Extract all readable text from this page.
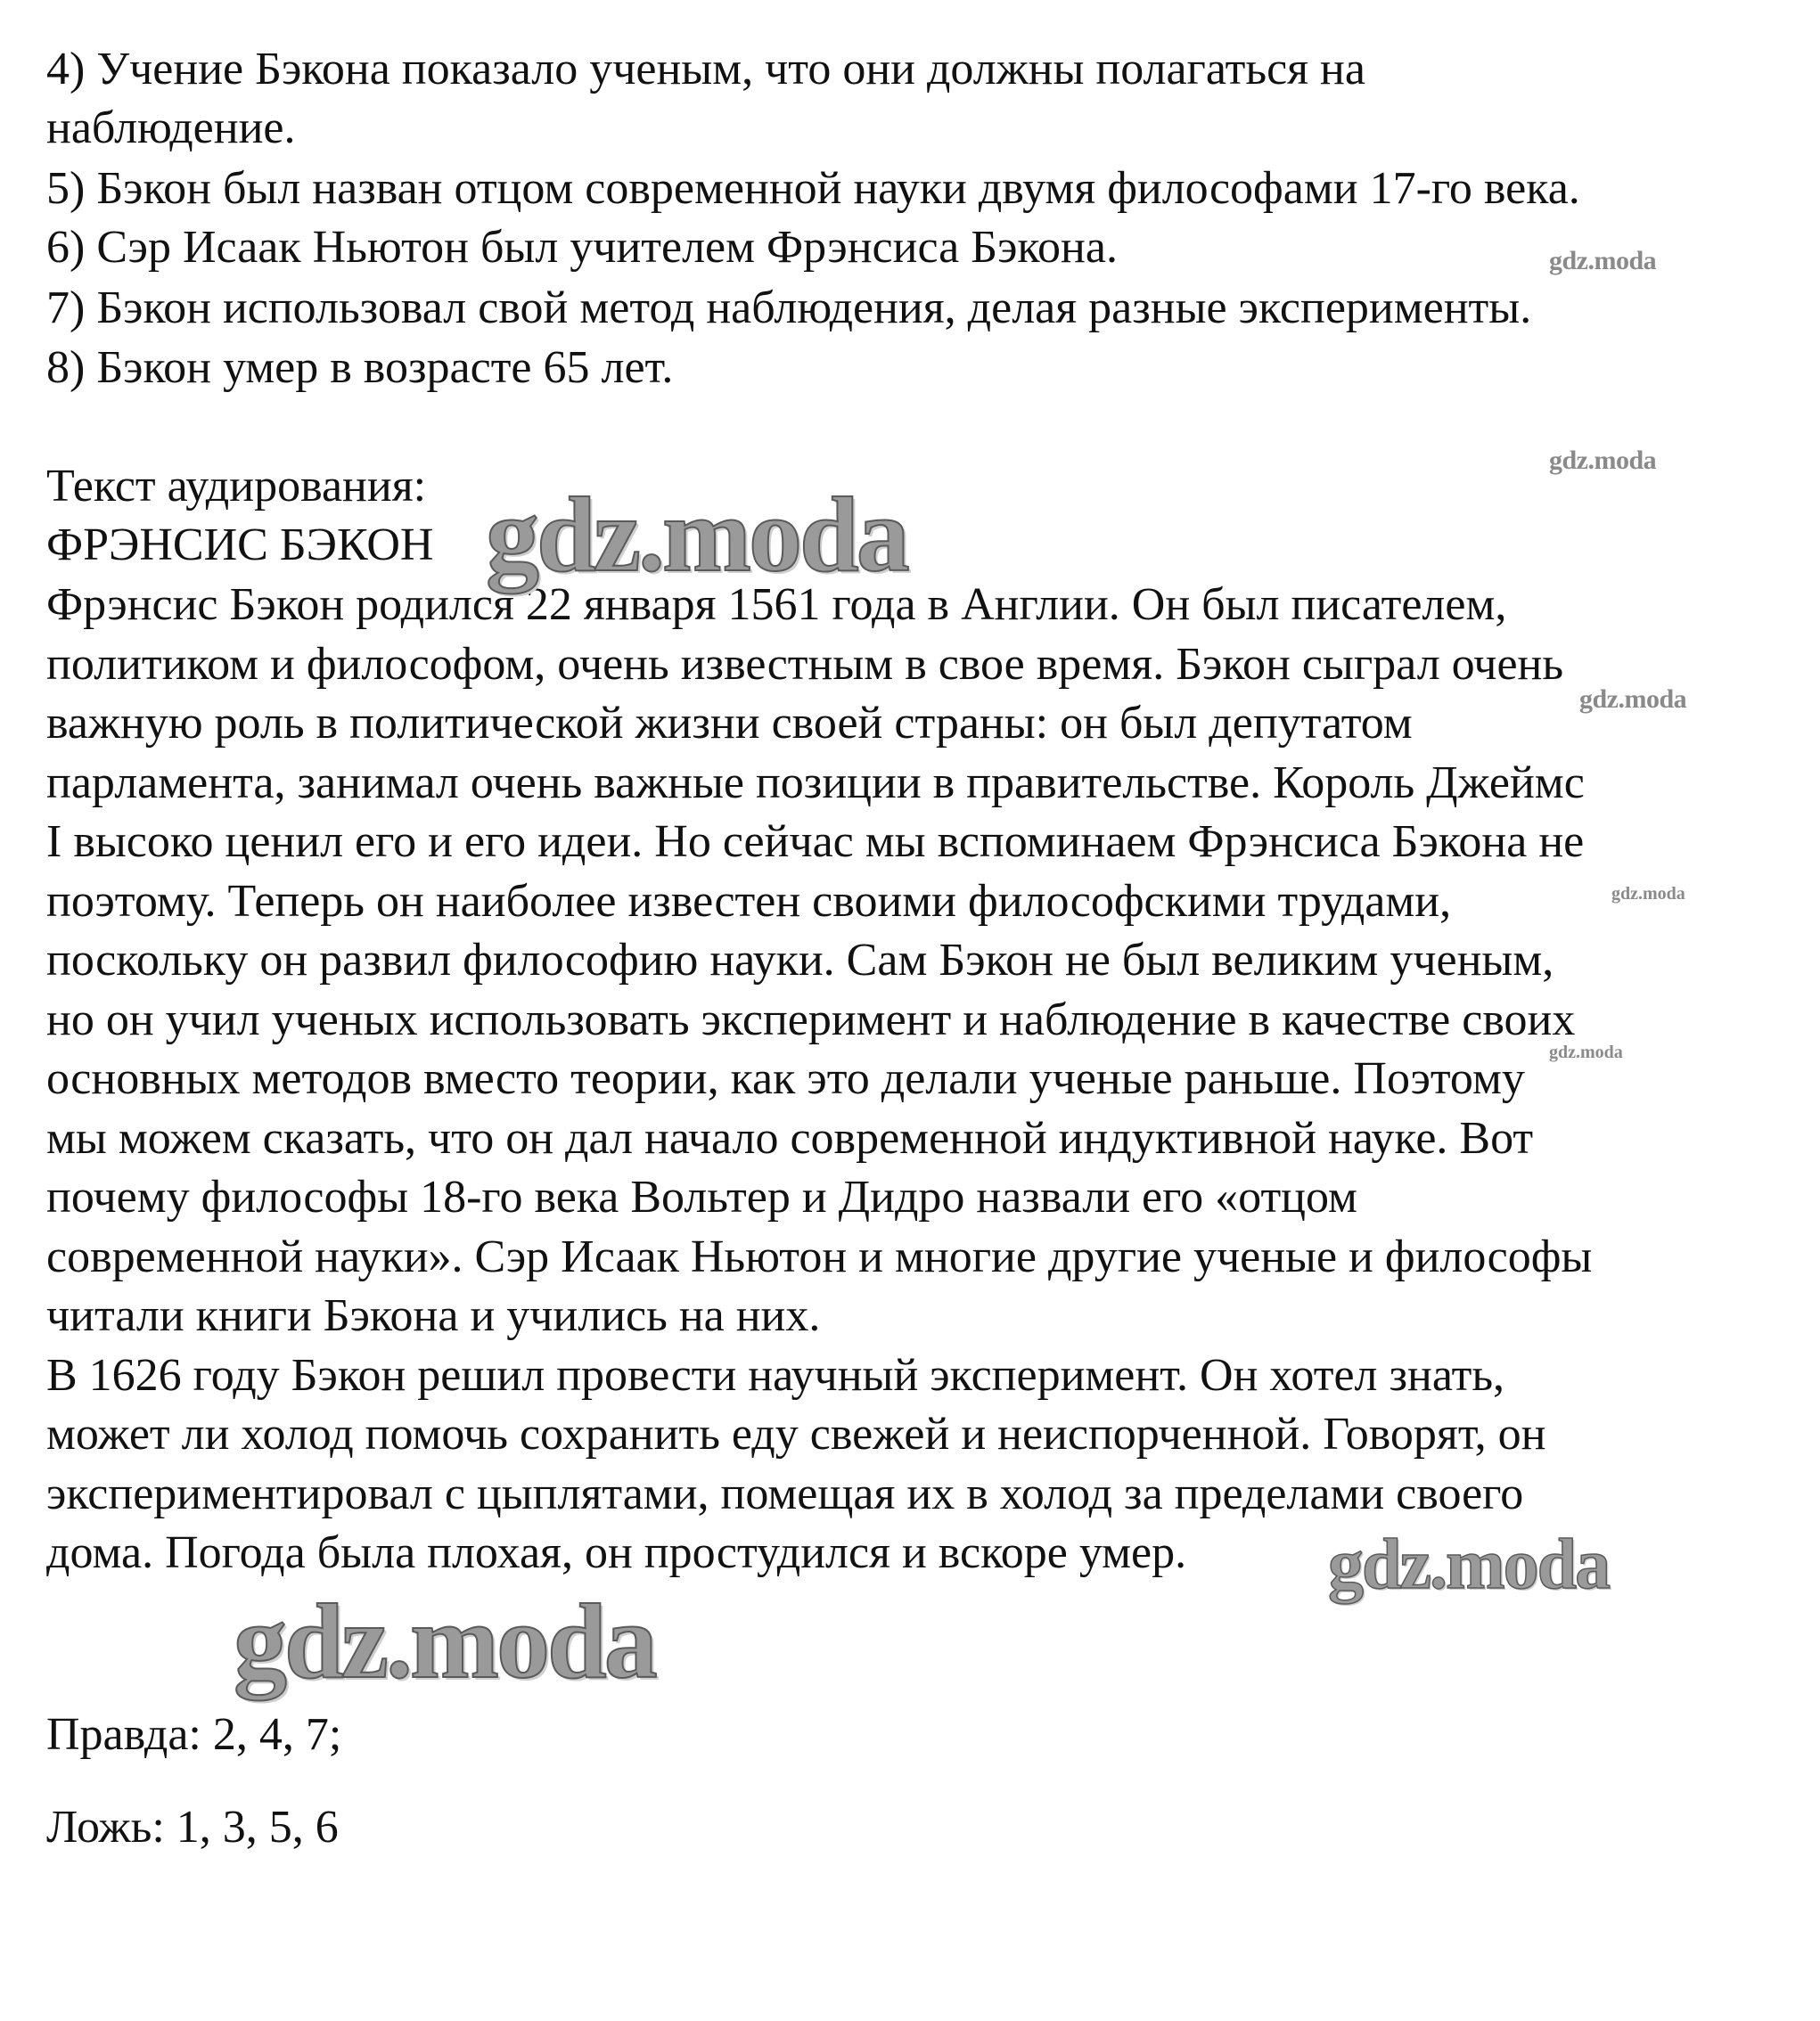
4) Учение Бэкона показало ученым, что они должны полагаться на
наблюдение.
5) Бэкон был назван отцом современной науки двумя философами 17-го века.
6) Сэр Исаак Ньютон был учителем Фрэнсиса Бэкона.
7) Бэкон использовал свой метод наблюдения, делая разные эксперименты.
8) Бэкон умер в возрасте 65 лет.
Текст аудирования:
ФРЭНСИС БЭКОН
Фрэнсис Бэкон родился 22 января 1561 года в Англии. Он был писателем,
политиком и философом, очень известным в свое время. Бэкон сыграл очень
важную роль в политической жизни своей страны: он был депутатом
парламента, занимал очень важные позиции в правительстве. Король Джеймс
I высоко ценил его и его идеи. Но сейчас мы вспоминаем Фрэнсиса Бэкона не
поэтому. Теперь он наиболее известен своими философскими трудами,
поскольку он развил философию науки. Сам Бэкон не был великим ученым,
но он учил ученых использовать эксперимент и наблюдение в качестве своих
основных методов вместо теории, как это делали ученые раньше. Поэтому
мы можем сказать, что он дал начало современной индуктивной науке. Вот
почему философы 18-го века Вольтер и Дидро назвали его «отцом
современной науки». Сэр Исаак Ньютон и многие другие ученые и философы
читали книги Бэкона и учились на них.
В 1626 году Бэкон решил провести научный эксперимент. Он хотел знать,
может ли холод помочь сохранить еду свежей и неиспорченной. Говорят, он
экспериментировал с цыплятами, помещая их в холод за пределами своего
дома. Погода была плохая, он простудился и вскоре умер.
Правда: 2, 4, 7;
Ложь: 1, 3, 5, 6
gdz.moda
gdz.moda
gdz.moda
gdz.moda
gdz.moda
gdz.moda
gdz.moda
gdz.moda
